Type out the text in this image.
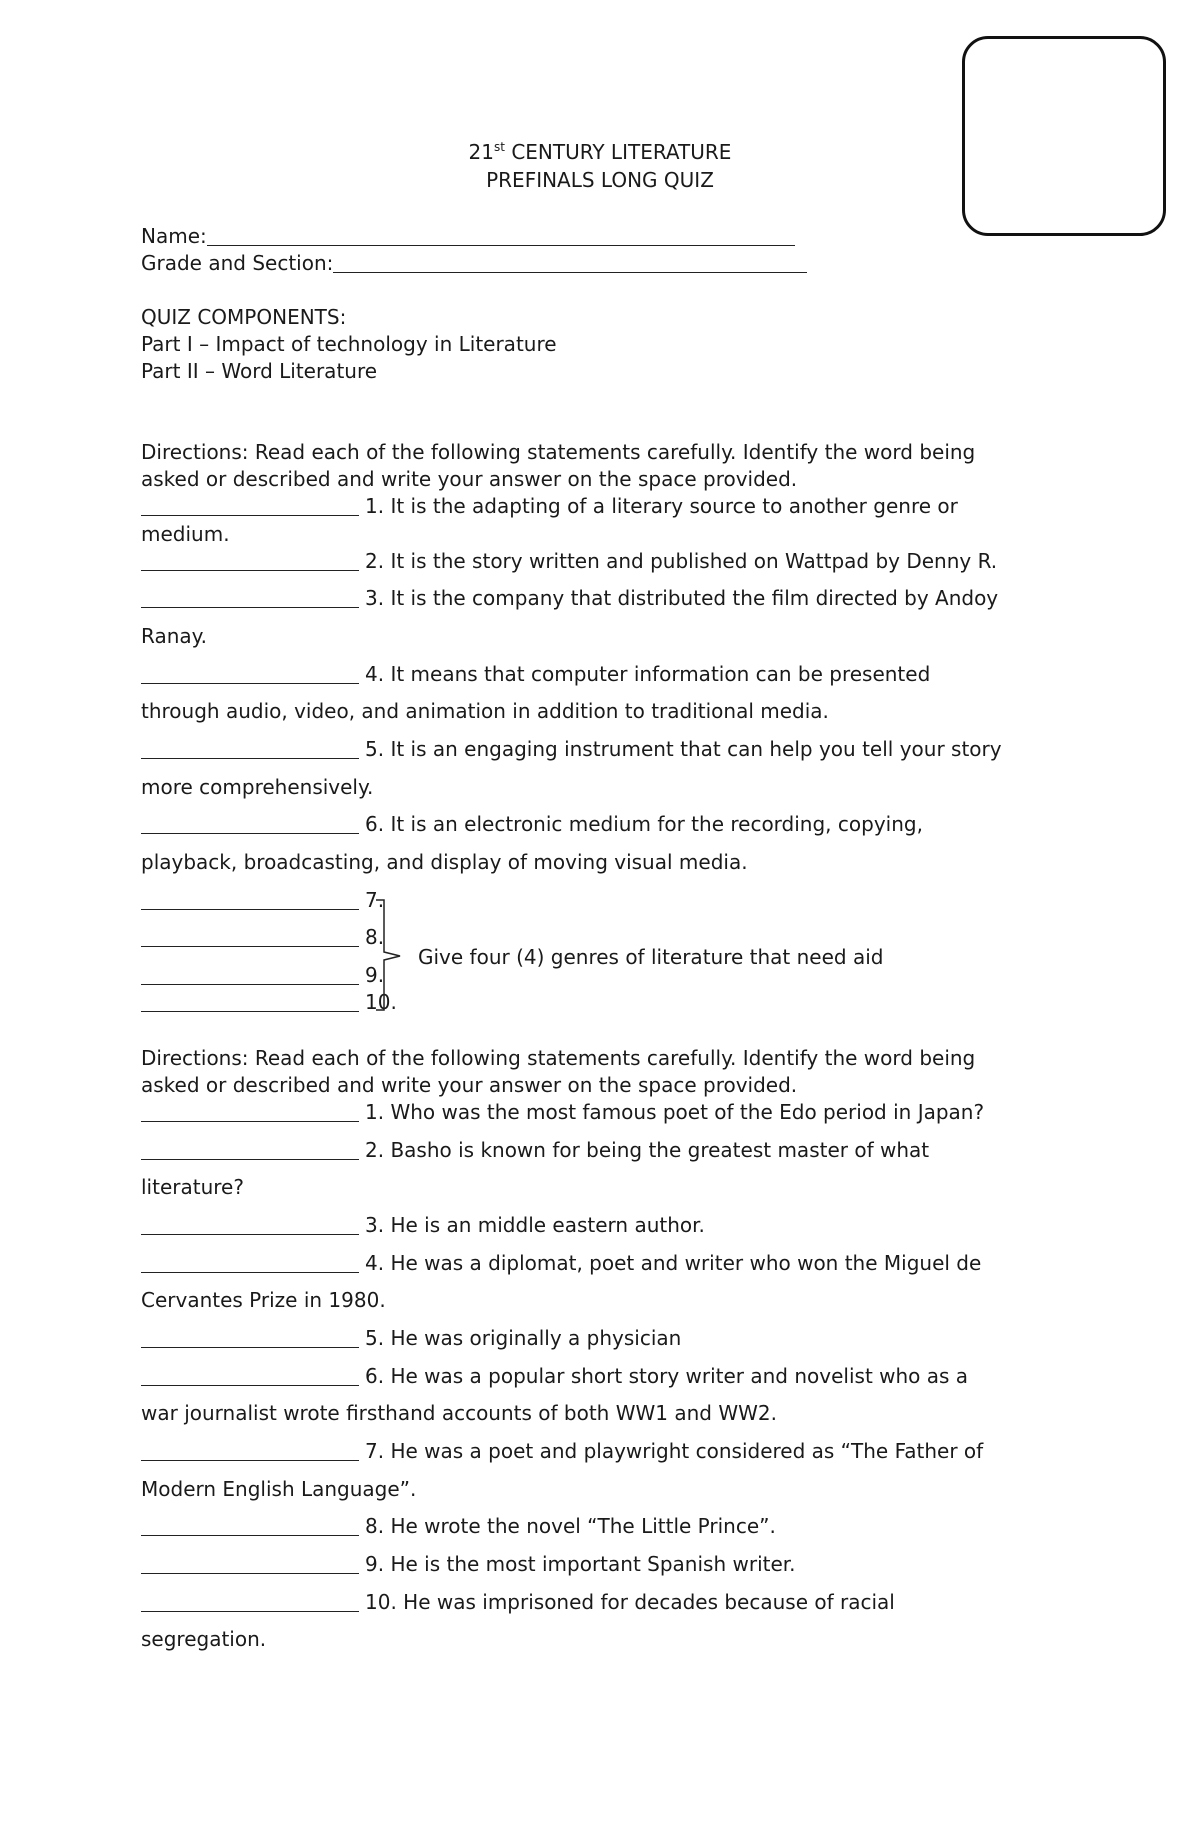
21st CENTURY LITERATURE
PREFINALS LONG QUIZ
Name:
Grade and Section:
QUIZ COMPONENTS:
Part I – Impact of technology in Literature
Part II – Word Literature
Directions: Read each of the following statements carefully. Identify the word being
asked or described and write your answer on the space provided.
1. It is the adapting of a literary source to another genre or
medium.
2. It is the story written and published on Wattpad by Denny R.
3. It is the company that distributed the film directed by Andoy
Ranay.
4. It means that computer information can be presented
through audio, video, and animation in addition to traditional media.
5. It is an engaging instrument that can help you tell your story
more comprehensively.
6. It is an electronic medium for the recording, copying,
playback, broadcasting, and display of moving visual media.
7.
8.
9.
10.
Give four (4) genres of literature that need aid
Directions: Read each of the following statements carefully. Identify the word being
asked or described and write your answer on the space provided.
1. Who was the most famous poet of the Edo period in Japan?
2. Basho is known for being the greatest master of what
literature?
3. He is an middle eastern author.
4. He was a diplomat, poet and writer who won the Miguel de
Cervantes Prize in 1980.
5. He was originally a physician
6. He was a popular short story writer and novelist who as a
war journalist wrote firsthand accounts of both WW1 and WW2.
7. He was a poet and playwright considered as “The Father of
Modern English Language”.
8. He wrote the novel “The Little Prince”.
9. He is the most important Spanish writer.
10. He was imprisoned for decades because of racial
segregation.
